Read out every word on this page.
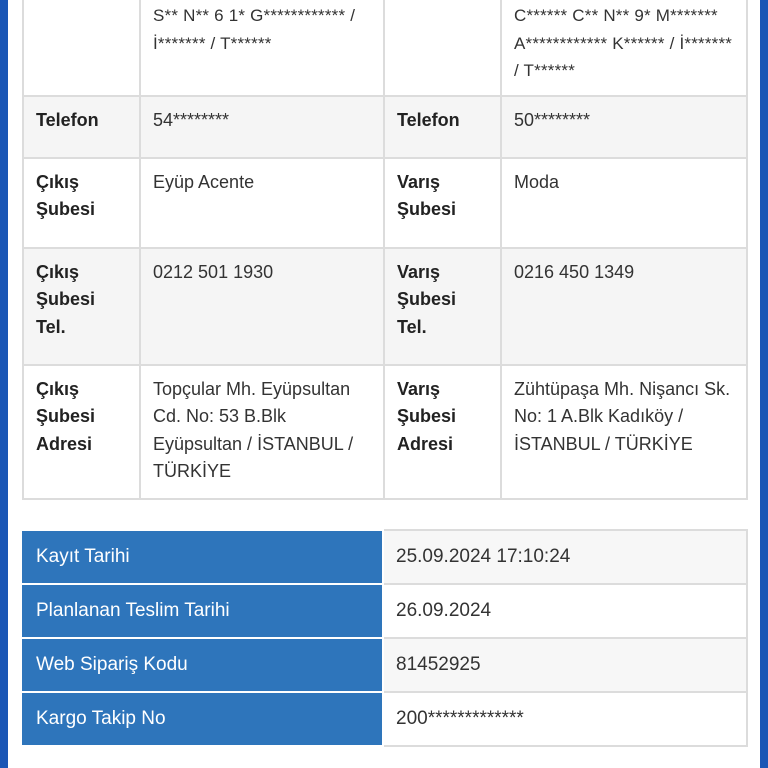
	S** N** 6 1* G************ / İ******* / T******		C****** C** N** 9* M******* A************ K****** / İ******* / T******
Telefon	54********	Telefon	50********
Çıkış Şubesi	Eyüp Acente	Varış Şubesi	Moda
Çıkış Şubesi Tel.	0212 501 1930	Varış Şubesi Tel.	0216 450 1349
Çıkış Şubesi Adresi	Topçular Mh. Eyüpsultan Cd. No: 53 B.Blk Eyüpsultan / İSTANBUL / TÜRKİYE	Varış Şubesi Adresi	Zühtüpaşa Mh. Nişancı Sk. No: 1 A.Blk Kadıköy / İSTANBUL / TÜRKİYE
Kayıt Tarihi	25.09.2024 17:10:24
Planlanan Teslim Tarihi	26.09.2024
Web Sipariş Kodu	81452925
Kargo Takip No	200*************
